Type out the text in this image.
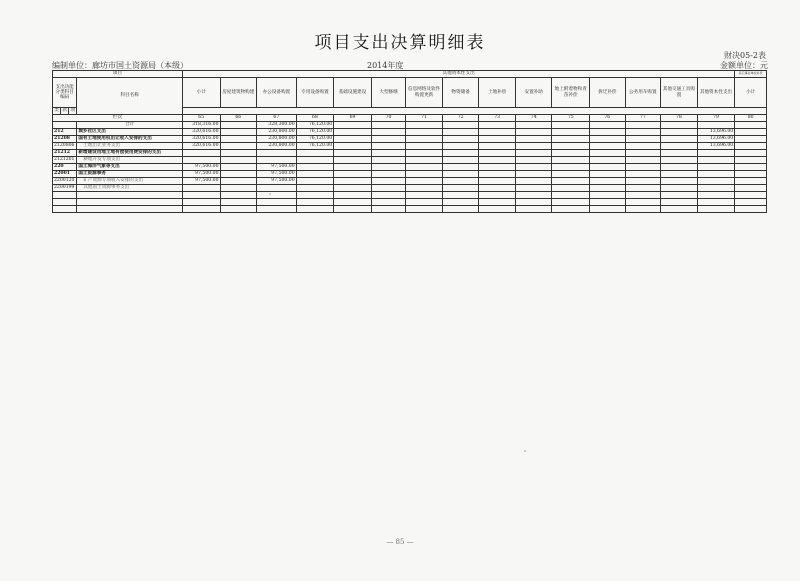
项目支出决算明细表
财决05-2表
编制单位：廊坊市国土资源局（本级）	2014年度	金额单位：元
项目				其他资本性支出															其它事业单位补充
支出功能分类科目编码			科目名称	小计	房屋建筑物购建	办公设备购置	专用设备购置	基础设施建设	大型修缮	信息网络及软件购置更新	物资储备	土地补偿	安置补助	地上附着物和青苗补偿	拆迁补偿	公务用车购置	其他交通工具购置	其他资本性支出	小计
类	款	项																	
栏次				65	66	67	68	69	70	71	72	73	74	75	76	77	78	79	80
			合计	318,316.00		328,300.00	76,120.00												
212			城乡社区支出	320,616.00		230,800.00	76,120.00											13,696.00	
21208			国有土地使用权出让收入安排的支出	320,616.00		230,800.00	76,120.00											13,696.00	
2120806			土地出让业务支出	320,616.00		230,800.00	76,120.00											13,696.00	
21212			新增建设用地土地有偿使用费安排的支出																
2121201			耕地开发专项支出																
220			国土海洋气象等支出	97,500.00		97,500.00													
22001			国土资源事务	97,500.00		97,500.00													
2200120			矿产资源专项收入安排的支出	97,500.00		97,500.00													
2200199			其他国土资源事务支出																

— 85 —
